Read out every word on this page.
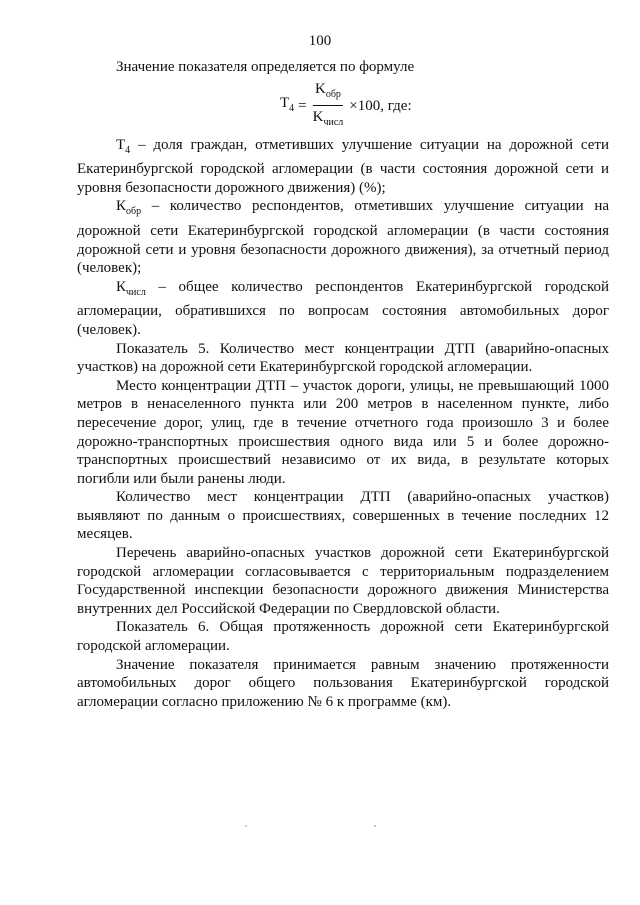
100

Значение показателя определяется по формуле

$T_4 = \frac{K_{обр}}{K_{числ}} \times 100$, где:

$Т_4$ – доля граждан, отметивших улучшение ситуации на дорожной сети Екатеринбургской городской агломерации (в части состояния дорожной сети и уровня безопасности дорожного движения) (%);

$К_{обр}$ – количество респондентов, отметивших улучшение ситуации на дорожной сети Екатеринбургской городской агломерации (в части состояния дорожной сети и уровня безопасности дорожного движения), за отчетный период (человек);

$К_{числ}$ – общее количество респондентов Екатеринбургской городской агломерации, обратившихся по вопросам состояния автомобильных дорог (человек).

Показатель 5. Количество мест концентрации ДТП (аварийно-опасных участков) на дорожной сети Екатеринбургской городской агломерации.

Место концентрации ДТП – участок дороги, улицы, не превышающий 1000 метров в ненаселенного пункта или 200 метров в населенном пункте, либо пересечение дорог, улиц, где в течение отчетного года произошло 3 и более дорожно-транспортных происшествия одного вида или 5 и более дорожно-транспортных происшествий независимо от их вида, в результате которых погибли или были ранены люди.

Количество мест концентрации ДТП (аварийно-опасных участков) выявляют по данным о происшествиях, совершенных в течение последних 12 месяцев.

Перечень аварийно-опасных участков дорожной сети Екатеринбургской городской агломерации согласовывается с территориальным подразделением Государственной инспекции безопасности дорожного движения Министерства внутренних дел Российской Федерации по Свердловской области.

Показатель 6. Общая протяженность дорожной сети Екатеринбургской городской агломерации.

Значение показателя принимается равным значению протяженности автомобильных дорог общего пользования Екатеринбургской городской агломерации согласно приложению № 6 к программе (км).
